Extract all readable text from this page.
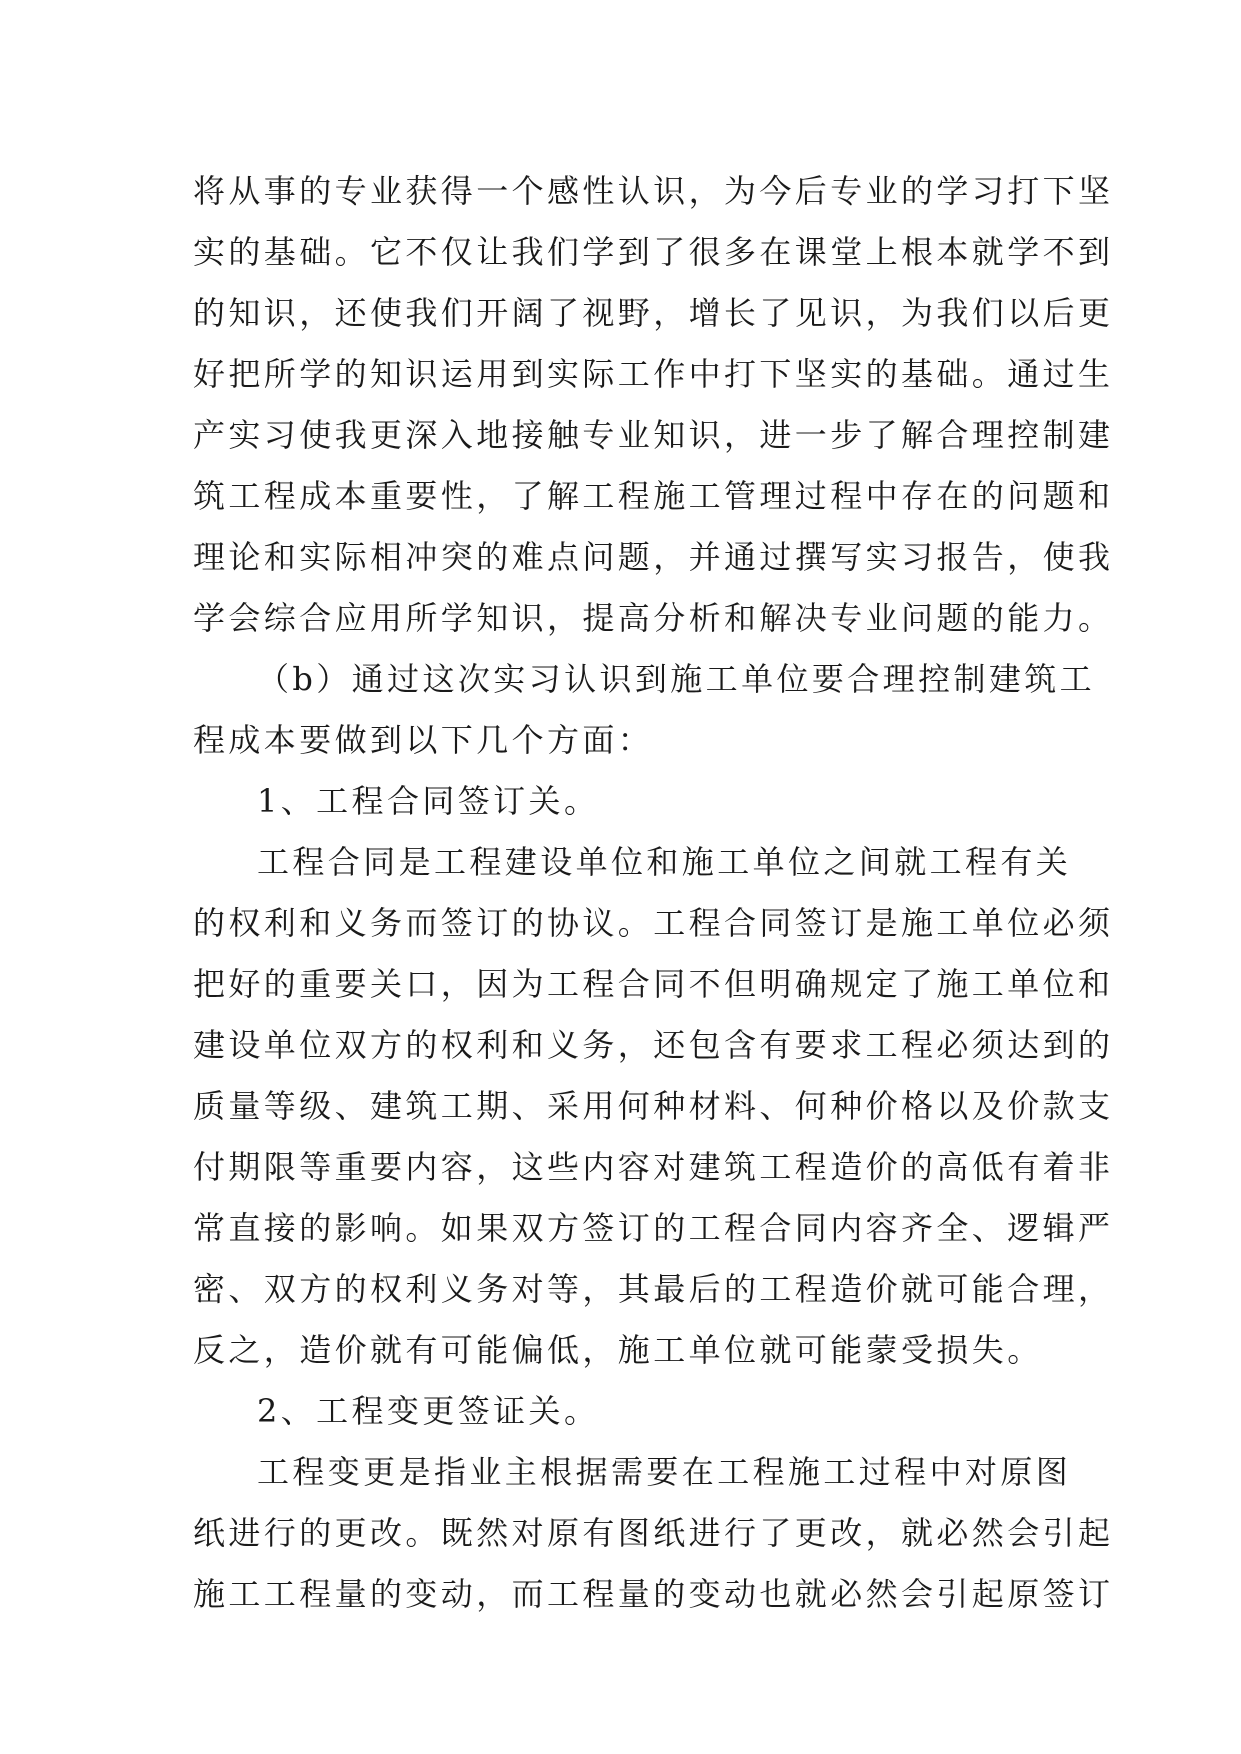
将从事的专业获得一个感性认识，为今后专业的学习打下坚
实的基础。它不仅让我们学到了很多在课堂上根本就学不到
的知识，还使我们开阔了视野，增长了见识，为我们以后更
好把所学的知识运用到实际工作中打下坚实的基础。通过生
产实习使我更深入地接触专业知识，进一步了解合理控制建
筑工程成本重要性，了解工程施工管理过程中存在的问题和
理论和实际相冲突的难点问题，并通过撰写实习报告，使我
学会综合应用所学知识，提高分析和解决专业问题的能力。
（b）通过这次实习认识到施工单位要合理控制建筑工
程成本要做到以下几个方面：
1、工程合同签订关。
工程合同是工程建设单位和施工单位之间就工程有关
的权利和义务而签订的协议。工程合同签订是施工单位必须
把好的重要关口，因为工程合同不但明确规定了施工单位和
建设单位双方的权利和义务，还包含有要求工程必须达到的
质量等级、建筑工期、采用何种材料、何种价格以及价款支
付期限等重要内容，这些内容对建筑工程造价的高低有着非
常直接的影响。如果双方签订的工程合同内容齐全、逻辑严
密、双方的权利义务对等，其最后的工程造价就可能合理，
反之，造价就有可能偏低，施工单位就可能蒙受损失。
2、工程变更签证关。
工程变更是指业主根据需要在工程施工过程中对原图
纸进行的更改。既然对原有图纸进行了更改，就必然会引起
施工工程量的变动，而工程量的变动也就必然会引起原签订
